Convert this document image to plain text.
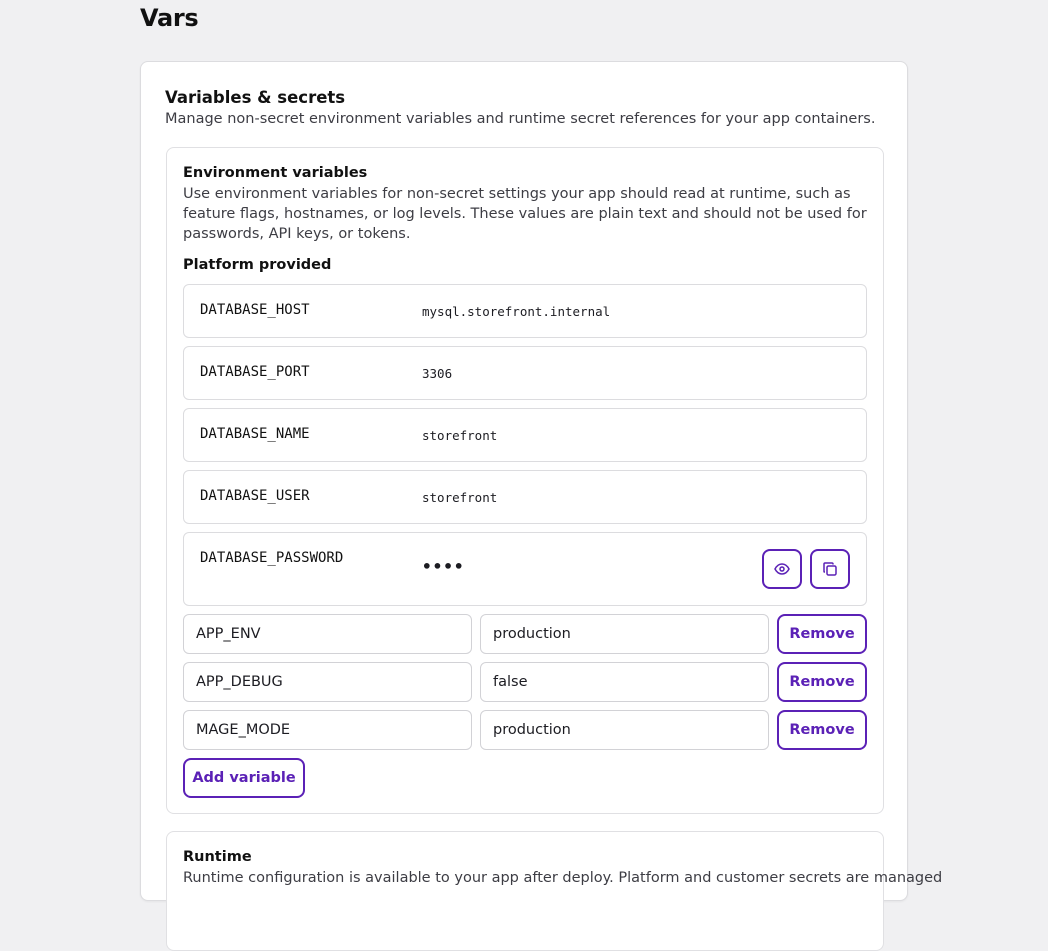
Vars
Variables & secrets
Manage non-secret environment variables and runtime secret references for your app containers.
Environment variables
Use environment variables for non-secret settings your app should read at runtime, such as feature flags, hostnames, or log levels. These values are plain text and should not be used for passwords, API keys, or tokens.
Platform provided
DATABASE_HOST	mysql.storefront.internal
DATABASE_PORT	3306
DATABASE_NAME	storefront
DATABASE_USER	storefront
DATABASE_PASSWORD	••••
APP_ENV	production	Remove
APP_DEBUG	false	Remove
MAGE_MODE	production	Remove
Add variable
Runtime
Runtime configuration is available to your app after deploy. Platform and customer secrets are managed
